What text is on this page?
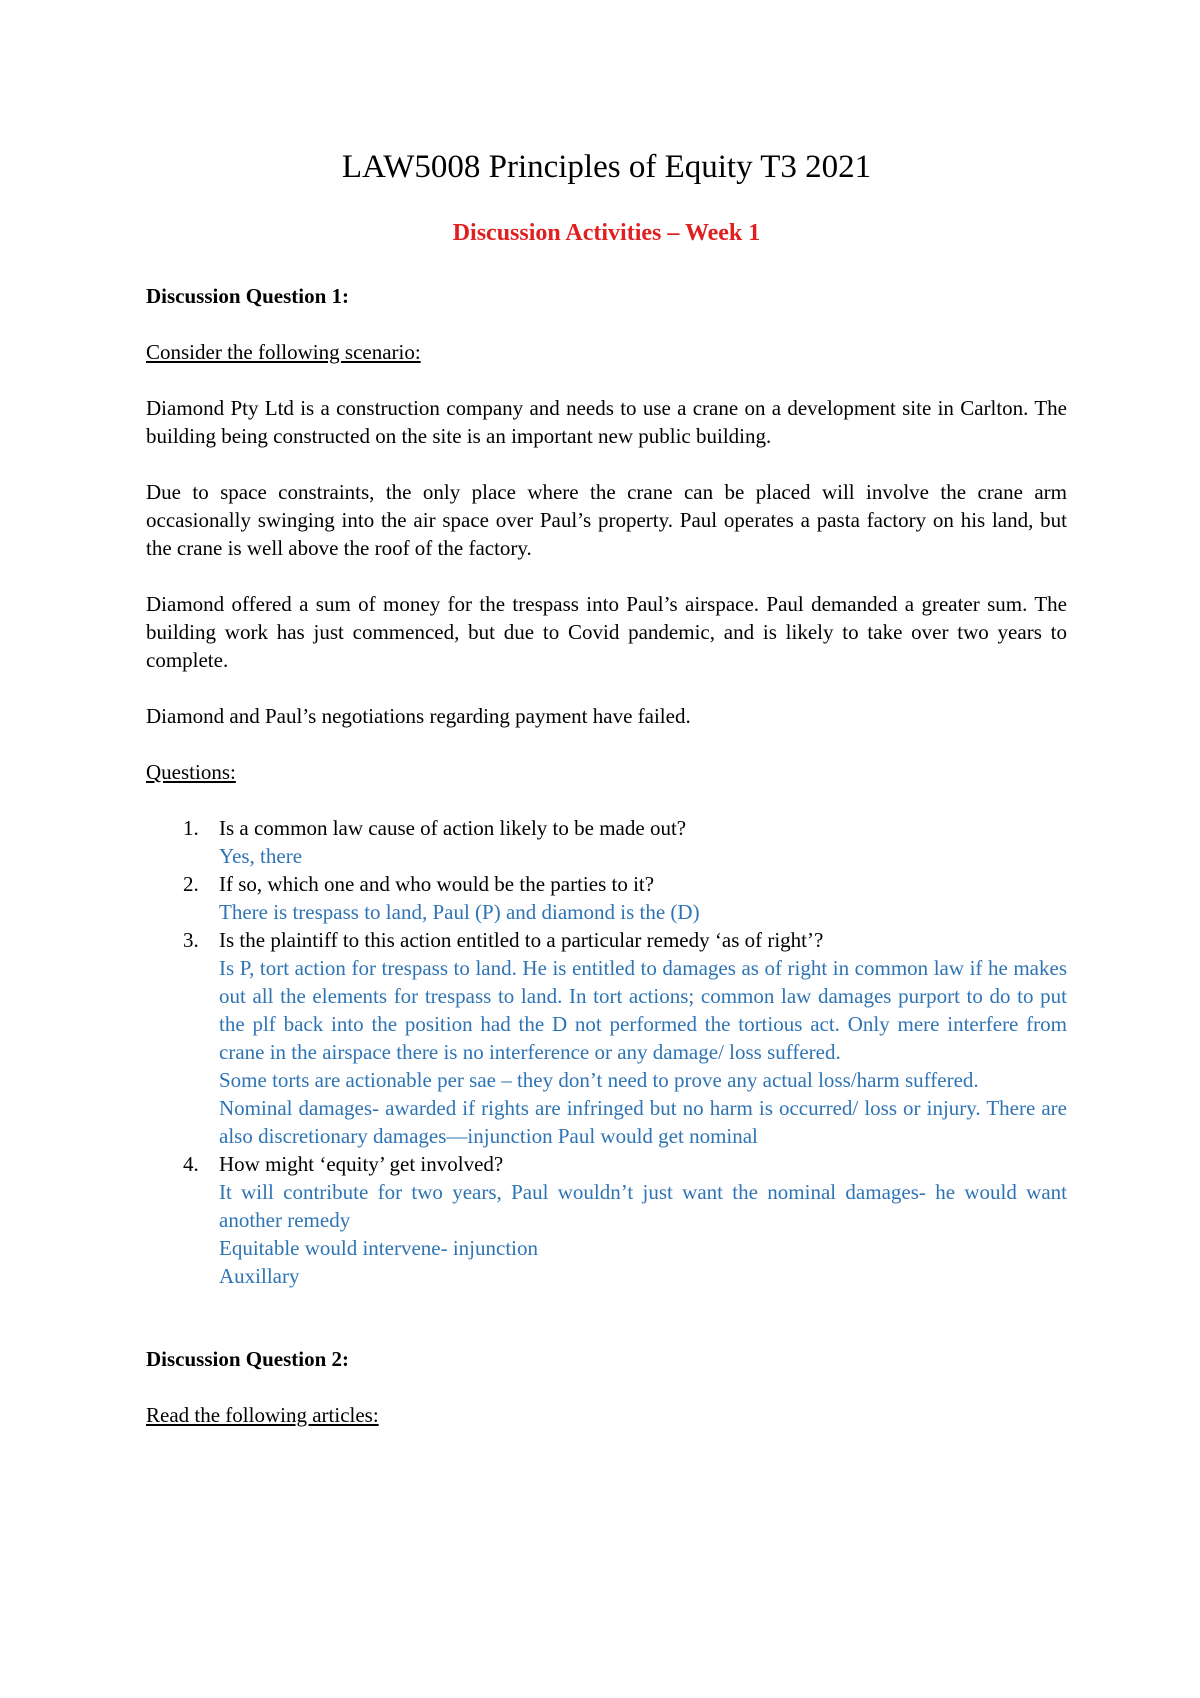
LAW5008 Principles of Equity T3 2021

Discussion Activities – Week 1

Discussion Question 1:

Consider the following scenario:

Diamond Pty Ltd is a construction company and needs to use a crane on a development site in Carlton. The building being constructed on the site is an important new public building.

Due to space constraints, the only place where the crane can be placed will involve the crane arm occasionally swinging into the air space over Paul’s property. Paul operates a pasta factory on his land, but the crane is well above the roof of the factory.

Diamond offered a sum of money for the trespass into Paul’s airspace. Paul demanded a greater sum. The building work has just commenced, but due to Covid pandemic, and is likely to take over two years to complete.

Diamond and Paul’s negotiations regarding payment have failed.

Questions:

1. Is a common law cause of action likely to be made out?
Yes, there
2. If so, which one and who would be the parties to it?
There is trespass to land, Paul (P) and diamond is the (D)
3. Is the plaintiff to this action entitled to a particular remedy ‘as of right’?
Is P, tort action for trespass to land. He is entitled to damages as of right in common law if he makes out all the elements for trespass to land. In tort actions; common law damages purport to do to put the plf back into the position had the D not performed the tortious act. Only mere interfere from crane in the airspace there is no interference or any damage/ loss suffered.
Some torts are actionable per sae – they don’t need to prove any actual loss/harm suffered.
Nominal damages- awarded if rights are infringed but no harm is occurred/ loss or injury. There are also discretionary damages—injunction Paul would get nominal
4. How might ‘equity’ get involved?
It will contribute for two years, Paul wouldn’t just want the nominal damages- he would want another remedy
Equitable would intervene- injunction
Auxillary

Discussion Question 2:

Read the following articles:
